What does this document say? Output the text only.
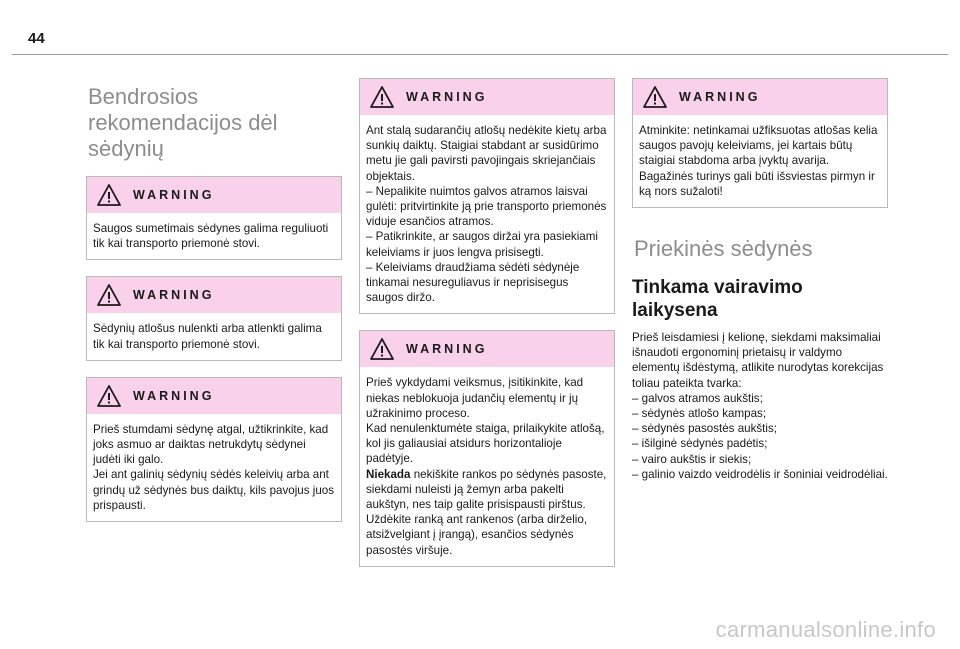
44
Bendrosios rekomendacijos dėl sėdynių
WARNING

Saugos sumetimais sėdynes galima reguliuoti tik kai transporto priemonė stovi.

WARNING

Sėdynių atlošus nulenkti arba atlenkti galima tik kai transporto priemonė stovi.

WARNING

Prieš stumdami sėdynę atgal, užtikrinkite, kad joks asmuo ar daiktas netrukdytų sėdynei judėti iki galo.

Jei ant galinių sėdynių sėdės keleivių arba ant grindų už sėdynės bus daiktų, kils pavojus juos prispausti.

WARNING

Ant stalą sudarančių atlošų nedėkite kietų arba sunkių daiktų. Staigiai stabdant ar susidūrimo metu jie gali pavirsti pavojingais skriejančiais objektais.

– Nepalikite nuimtos galvos atramos laisvai gulėti: pritvirtinkite ją prie transporto priemonės viduje esančios atramos.

– Patikrinkite, ar saugos diržai yra pasiekiami keleiviams ir juos lengva prisisegti.

– Keleiviams draudžiama sėdėti sėdynėje tinkamai nesureguliavus ir neprisisegus saugos diržo.

WARNING

Prieš vykdydami veiksmus, įsitikinkite, kad niekas neblokuoja judančių elementų ir jų užrakinimo proceso.

Kad nenulenktumėte staiga, prilaikykite atlošą, kol jis galiausiai atsidurs horizontalioje padėtyje.

Niekada nekiškite rankos po sėdynės pasoste, siekdami nuleisti ją žemyn arba pakelti aukštyn, nes taip galite prisispausti pirštus. Uždėkite ranką ant rankenos (arba dirželio, atsižvelgiant į įrangą), esančios sėdynės pasostės viršuje.

WARNING

Atminkite: netinkamai užfiksuotas atlošas kelia saugos pavojų keleiviams, jei kartais būtų staigiai stabdoma arba įvyktų avarija. Bagažinės turinys gali būti išsviestas pirmyn ir ką nors sužaloti!

Priekinės sėdynės
Tinkama vairavimo laikysena

Prieš leisdamiesi į kelionę, siekdami maksimaliai išnaudoti ergonominį prietaisų ir valdymo elementų išdėstymą, atlikite nurodytas korekcijas toliau pateikta tvarka:

– galvos atramos aukštis;

– sėdynės atlošo kampas;

– sėdynės pasostės aukštis;

– išilginė sėdynės padėtis;

– vairo aukštis ir siekis;

– galinio vaizdo veidrodėlis ir šoniniai veidrodėliai.

carmanualsonline.info
